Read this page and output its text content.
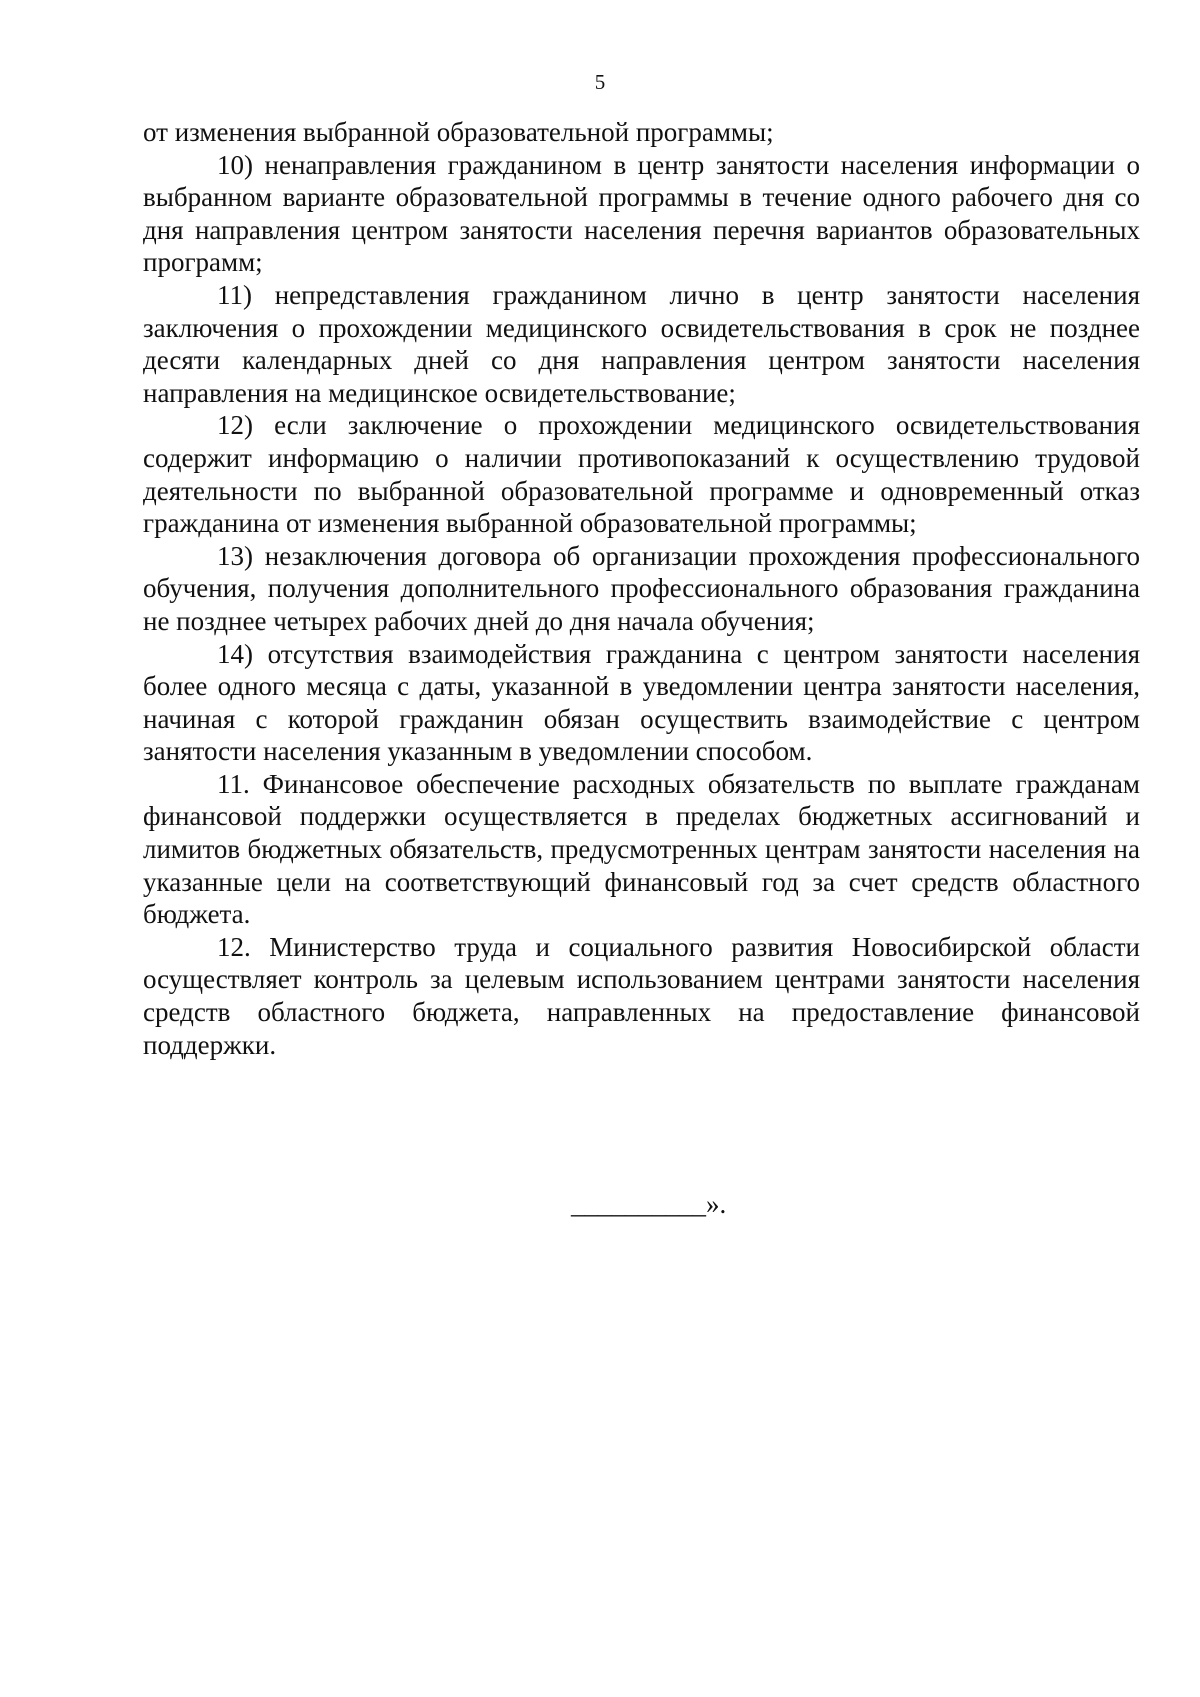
5

от изменения выбранной образовательной программы;

10) ненаправления гражданином в центр занятости населения информации о выбранном варианте образовательной программы в течение одного рабочего дня со дня направления центром занятости населения перечня вариантов образовательных программ;

11) непредставления гражданином лично в центр занятости населения заключения о прохождении медицинского освидетельствования в срок не позднее десяти календарных дней со дня направления центром занятости населения направления на медицинское освидетельствование;

12) если заключение о прохождении медицинского освидетельствования содержит информацию о наличии противопоказаний к осуществлению трудовой деятельности по выбранной образовательной программе и одновременный отказ гражданина от изменения выбранной образовательной программы;

13) незаключения договора об организации прохождения профессионального обучения, получения дополнительного профессионального образования гражданина не позднее четырех рабочих дней до дня начала обучения;

14) отсутствия взаимодействия гражданина с центром занятости населения более одного месяца с даты, указанной в уведомлении центра занятости населения, начиная с которой гражданин обязан осуществить взаимодействие с центром занятости населения указанным в уведомлении способом.

11. Финансовое обеспечение расходных обязательств по выплате гражданам финансовой поддержки осуществляется в пределах бюджетных ассигнований и лимитов бюджетных обязательств, предусмотренных центрам занятости населения на указанные цели на соответствующий финансовый год за счет средств областного бюджета.

12. Министерство труда и социального развития Новосибирской области осуществляет контроль за целевым использованием центрами занятости населения средств областного бюджета, направленных на предоставление финансовой поддержки.

__________».
